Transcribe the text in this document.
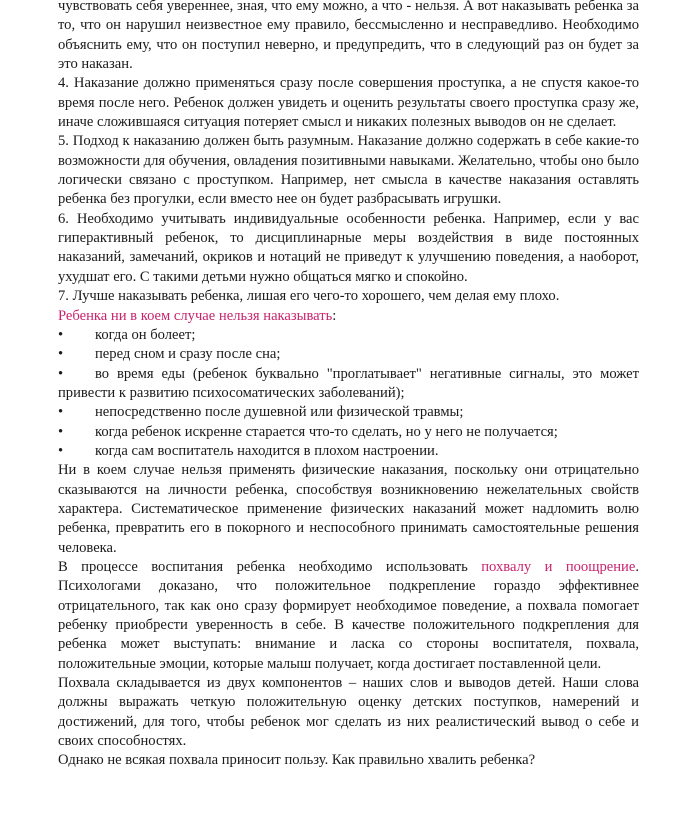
чувствовать себя увереннее, зная, что ему можно, а что - нельзя. А вот наказывать ребенка за то, что он нарушил неизвестное ему правило, бессмысленно и несправедливо. Необходимо объяснить ему, что он поступил неверно, и предупредить, что в следующий раз он будет за это наказан.

4. Наказание должно применяться сразу после совершения проступка, а не спустя какое-то время после него. Ребенок должен увидеть и оценить результаты своего проступка сразу же, иначе сложившаяся ситуация потеряет смысл и никаких полезных выводов он не сделает.

5. Подход к наказанию должен быть разумным. Наказание должно содержать в себе какие-то возможности для обучения, овладения позитивными навыками. Желательно, чтобы оно было логически связано с проступком. Например, нет смысла в качестве наказания оставлять ребенка без прогулки, если вместо нее он будет разбрасывать игрушки.

6. Необходимо учитывать индивидуальные особенности ребенка. Например, если у вас гиперактивный ребенок, то дисциплинарные меры воздействия в виде постоянных наказаний, замечаний, окриков и нотаций не приведут к улучшению поведения, а наоборот, ухудшат его. С такими детьми нужно общаться мягко и спокойно.

7. Лучше наказывать ребенка, лишая его чего-то хорошего, чем делая ему плохо.

Ребенка ни в коем случае нельзя наказывать:

• когда он болеет;
• перед сном и сразу после сна;
• во время еды (ребенок буквально "проглатывает" негативные сигналы, это может привести к развитию психосоматических заболеваний);
• непосредственно после душевной или физической травмы;
• когда ребенок искренне старается что-то сделать, но у него не получается;
• когда сам воспитатель находится в плохом настроении.

Ни в коем случае нельзя применять физические наказания, поскольку они отрицательно сказываются на личности ребенка, способствуя возникновению нежелательных свойств характера. Систематическое применение физических наказаний может надломить волю ребенка, превратить его в покорного и неспособного принимать самостоятельные решения человека.

В процессе воспитания ребенка необходимо использовать похвалу и поощрение. Психологами доказано, что положительное подкрепление гораздо эффективнее отрицательного, так как оно сразу формирует необходимое поведение, а похвала помогает ребенку приобрести уверенность в себе. В качестве положительного подкрепления для ребенка может выступать: внимание и ласка со стороны воспитателя, похвала, положительные эмоции, которые малыш получает, когда достигает поставленной цели.

Похвала складывается из двух компонентов – наших слов и выводов детей. Наши слова должны выражать четкую положительную оценку детских поступков, намерений и достижений, для того, чтобы ребенок мог сделать из них реалистический вывод о себе и своих способностях.

Однако не всякая похвала приносит пользу. Как правильно хвалить ребенка?
